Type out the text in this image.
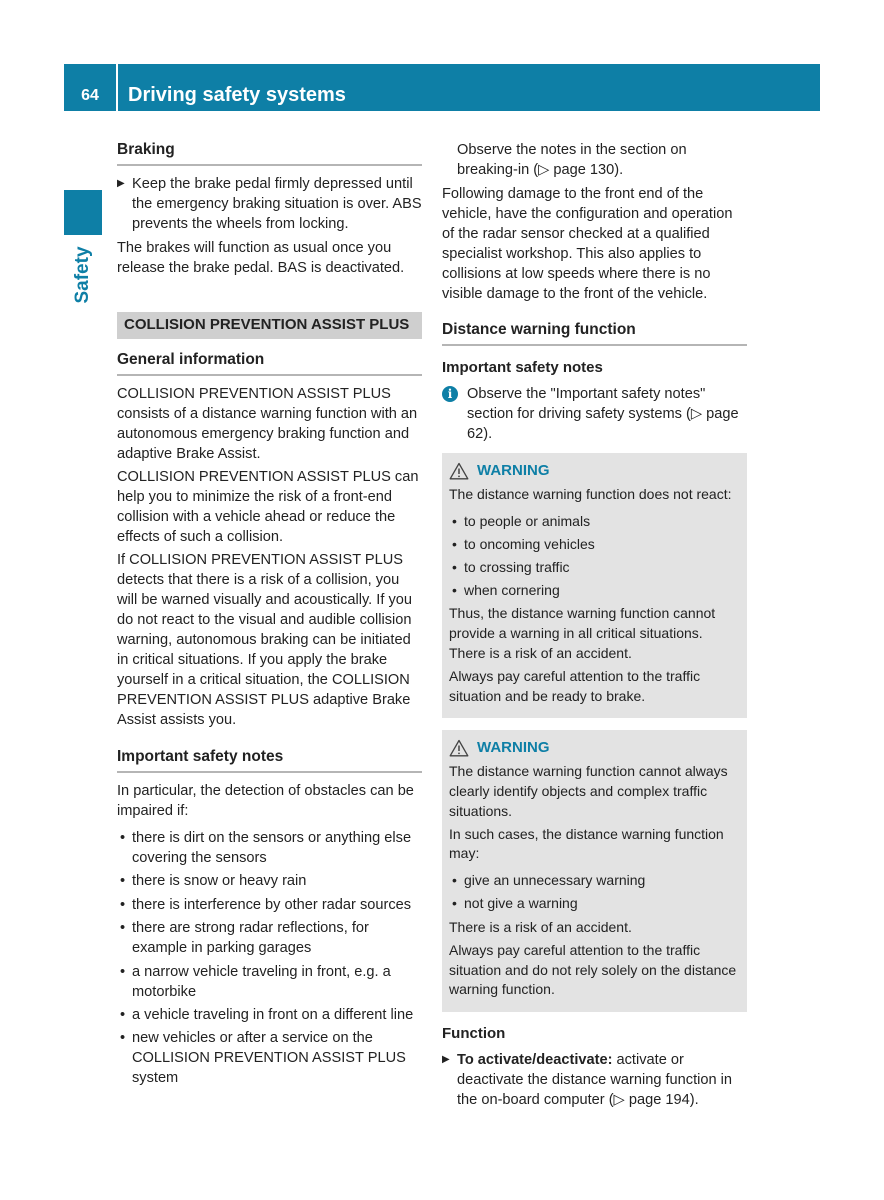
64	Driving safety systems
Safety
Braking
▶ Keep the brake pedal firmly depressed until the emergency braking situation is over. ABS prevents the wheels from locking.

The brakes will function as usual once you release the brake pedal. BAS is deactivated.

COLLISION PREVENTION ASSIST PLUS
General information

COLLISION PREVENTION ASSIST PLUS consists of a distance warning function with an autonomous emergency braking function and adaptive Brake Assist.

COLLISION PREVENTION ASSIST PLUS can help you to minimize the risk of a front-end collision with a vehicle ahead or reduce the effects of such a collision.

If COLLISION PREVENTION ASSIST PLUS detects that there is a risk of a collision, you will be warned visually and acoustically. If you do not react to the visual and audible collision warning, autonomous braking can be initiated in critical situations. If you apply the brake yourself in a critical situation, the COLLISION PREVENTION ASSIST PLUS adaptive Brake Assist assists you.

Important safety notes

In particular, the detection of obstacles can be impaired if:

• there is dirt on the sensors or anything else covering the sensors
• there is snow or heavy rain
• there is interference by other radar sources
• there are strong radar reflections, for example in parking garages
• a narrow vehicle traveling in front, e.g. a motorbike
• a vehicle traveling in front on a different line
• new vehicles or after a service on the COLLISION PREVENTION ASSIST PLUS system

Observe the notes in the section on breaking-in (▷ page 130).

Following damage to the front end of the vehicle, have the configuration and operation of the radar sensor checked at a qualified specialist workshop. This also applies to collisions at low speeds where there is no visible damage to the front of the vehicle.

Distance warning function
Important safety notes
i	Observe the "Important safety notes" section for driving safety systems (▷ page 62).
WARNING

The distance warning function does not react:

• to people or animals
• to oncoming vehicles
• to crossing traffic
• when cornering

Thus, the distance warning function cannot provide a warning in all critical situations. There is a risk of an accident.

Always pay careful attention to the traffic situation and be ready to brake.

WARNING

The distance warning function cannot always clearly identify objects and complex traffic situations.

In such cases, the distance warning function may:

• give an unnecessary warning
• not give a warning

There is a risk of an accident.

Always pay careful attention to the traffic situation and do not rely solely on the distance warning function.

Function
▶ To activate/deactivate: activate or deactivate the distance warning function in the on-board computer (▷ page 194).
